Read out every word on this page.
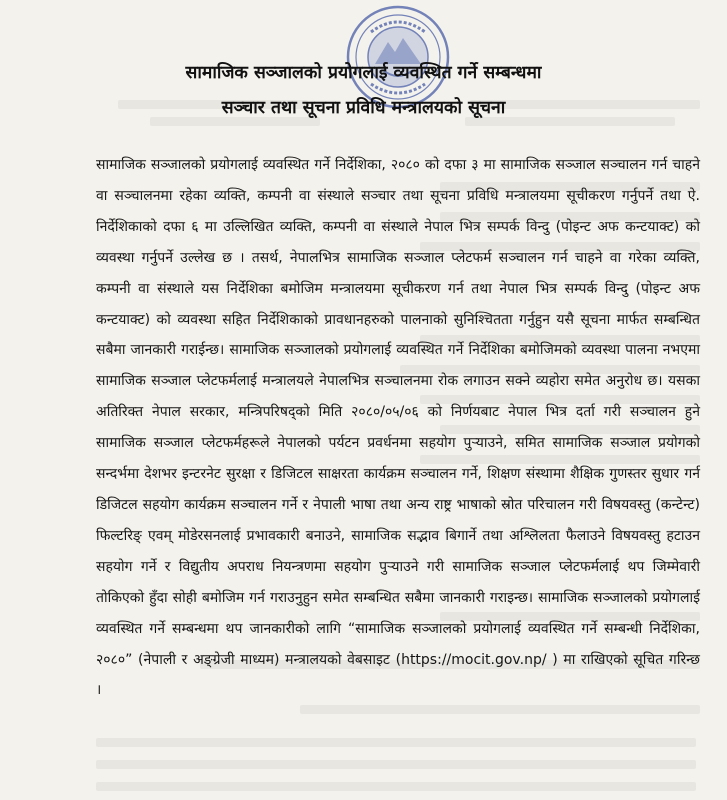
सामाजिक सञ्जालको प्रयोगलाई व्यवस्थित गर्ने सम्बन्धमा
सञ्चार तथा सूचना प्रविधि मन्त्रालयको सूचना

सामाजिक सञ्जालको प्रयोगलाई व्यवस्थित गर्ने निर्देशिका, २०८० को दफा ३ मा सामाजिक सञ्जाल सञ्चालन गर्न चाहने वा सञ्चालनमा रहेका व्यक्ति, कम्पनी वा संस्थाले सञ्चार तथा सूचना प्रविधि मन्त्रालयमा सूचीकरण गर्नुपर्ने तथा ऐ. निर्देशिकाको दफा ६ मा उल्लिखित व्यक्ति, कम्पनी वा संस्थाले नेपाल भित्र सम्पर्क विन्दु (पोइन्ट अफ कन्टयाक्ट) को व्यवस्था गर्नुपर्ने उल्लेख छ । तसर्थ, नेपालभित्र सामाजिक सञ्जाल प्लेटफर्म सञ्चालन गर्न चाहने वा गरेका व्यक्ति, कम्पनी वा संस्थाले यस निर्देशिका बमोजिम मन्त्रालयमा सूचीकरण गर्न तथा नेपाल भित्र सम्पर्क विन्दु (पोइन्ट अफ कन्टयाक्ट) को व्यवस्था सहित निर्देशिकाको प्रावधानहरुको पालनाको सुनिश्चितता गर्नुहुन यसै सूचना मार्फत सम्बन्धित सबैमा जानकारी गराईन्छ। सामाजिक सञ्जालको प्रयोगलाई व्यवस्थित गर्ने निर्देशिका बमोजिमको व्यवस्था पालना नभएमा सामाजिक सञ्जाल प्लेटफर्मलाई मन्त्रालयले नेपालभित्र सञ्चालनमा रोक लगाउन सक्ने व्यहोरा समेत अनुरोध छ। यसका अतिरिक्त नेपाल सरकार, मन्त्रिपरिषद्को मिति २०८०/०५/०६ को निर्णयबाट नेपाल भित्र दर्ता गरी सञ्चालन हुने सामाजिक सञ्जाल प्लेटफर्महरूले नेपालको पर्यटन प्रवर्धनमा सहयोग पुर्‍याउने, समित सामाजिक सञ्जाल प्रयोगको सन्दर्भमा देशभर इन्टरनेट सुरक्षा र डिजिटल साक्षरता कार्यक्रम सञ्चालन गर्ने, शिक्षण संस्थामा शैक्षिक गुणस्तर सुधार गर्न डिजिटल सहयोग कार्यक्रम सञ्चालन गर्ने र नेपाली भाषा तथा अन्य राष्ट्र भाषाको स्रोत परिचालन गरी विषयवस्तु (कन्टेन्ट) फिल्टरिङ् एवम् मोडेरसनलाई प्रभावकारी बनाउने, सामाजिक सद्भाव बिगार्ने तथा अश्लिलता फैलाउने विषयवस्तु हटाउन सहयोग गर्ने र विद्युतीय अपराध नियन्त्रणमा सहयोग पुर्‍याउने गरी सामाजिक सञ्जाल प्लेटफर्मलाई थप जिम्मेवारी तोकिएको हुँदा सोही बमोजिम गर्न गराउनुहुन समेत सम्बन्धित सबैमा जानकारी गराइन्छ। सामाजिक सञ्जालको प्रयोगलाई व्यवस्थित गर्ने सम्बन्धमा थप जानकारीको लागि “सामाजिक सञ्जालको प्रयोगलाई व्यवस्थित गर्ने सम्बन्धी निर्देशिका, २०८०” (नेपाली र अङ्ग्रेजी माध्यम) मन्त्रालयको वेबसाइट (https://mocit.gov.np/ ) मा राखिएको सूचित गरिन्छ ।
